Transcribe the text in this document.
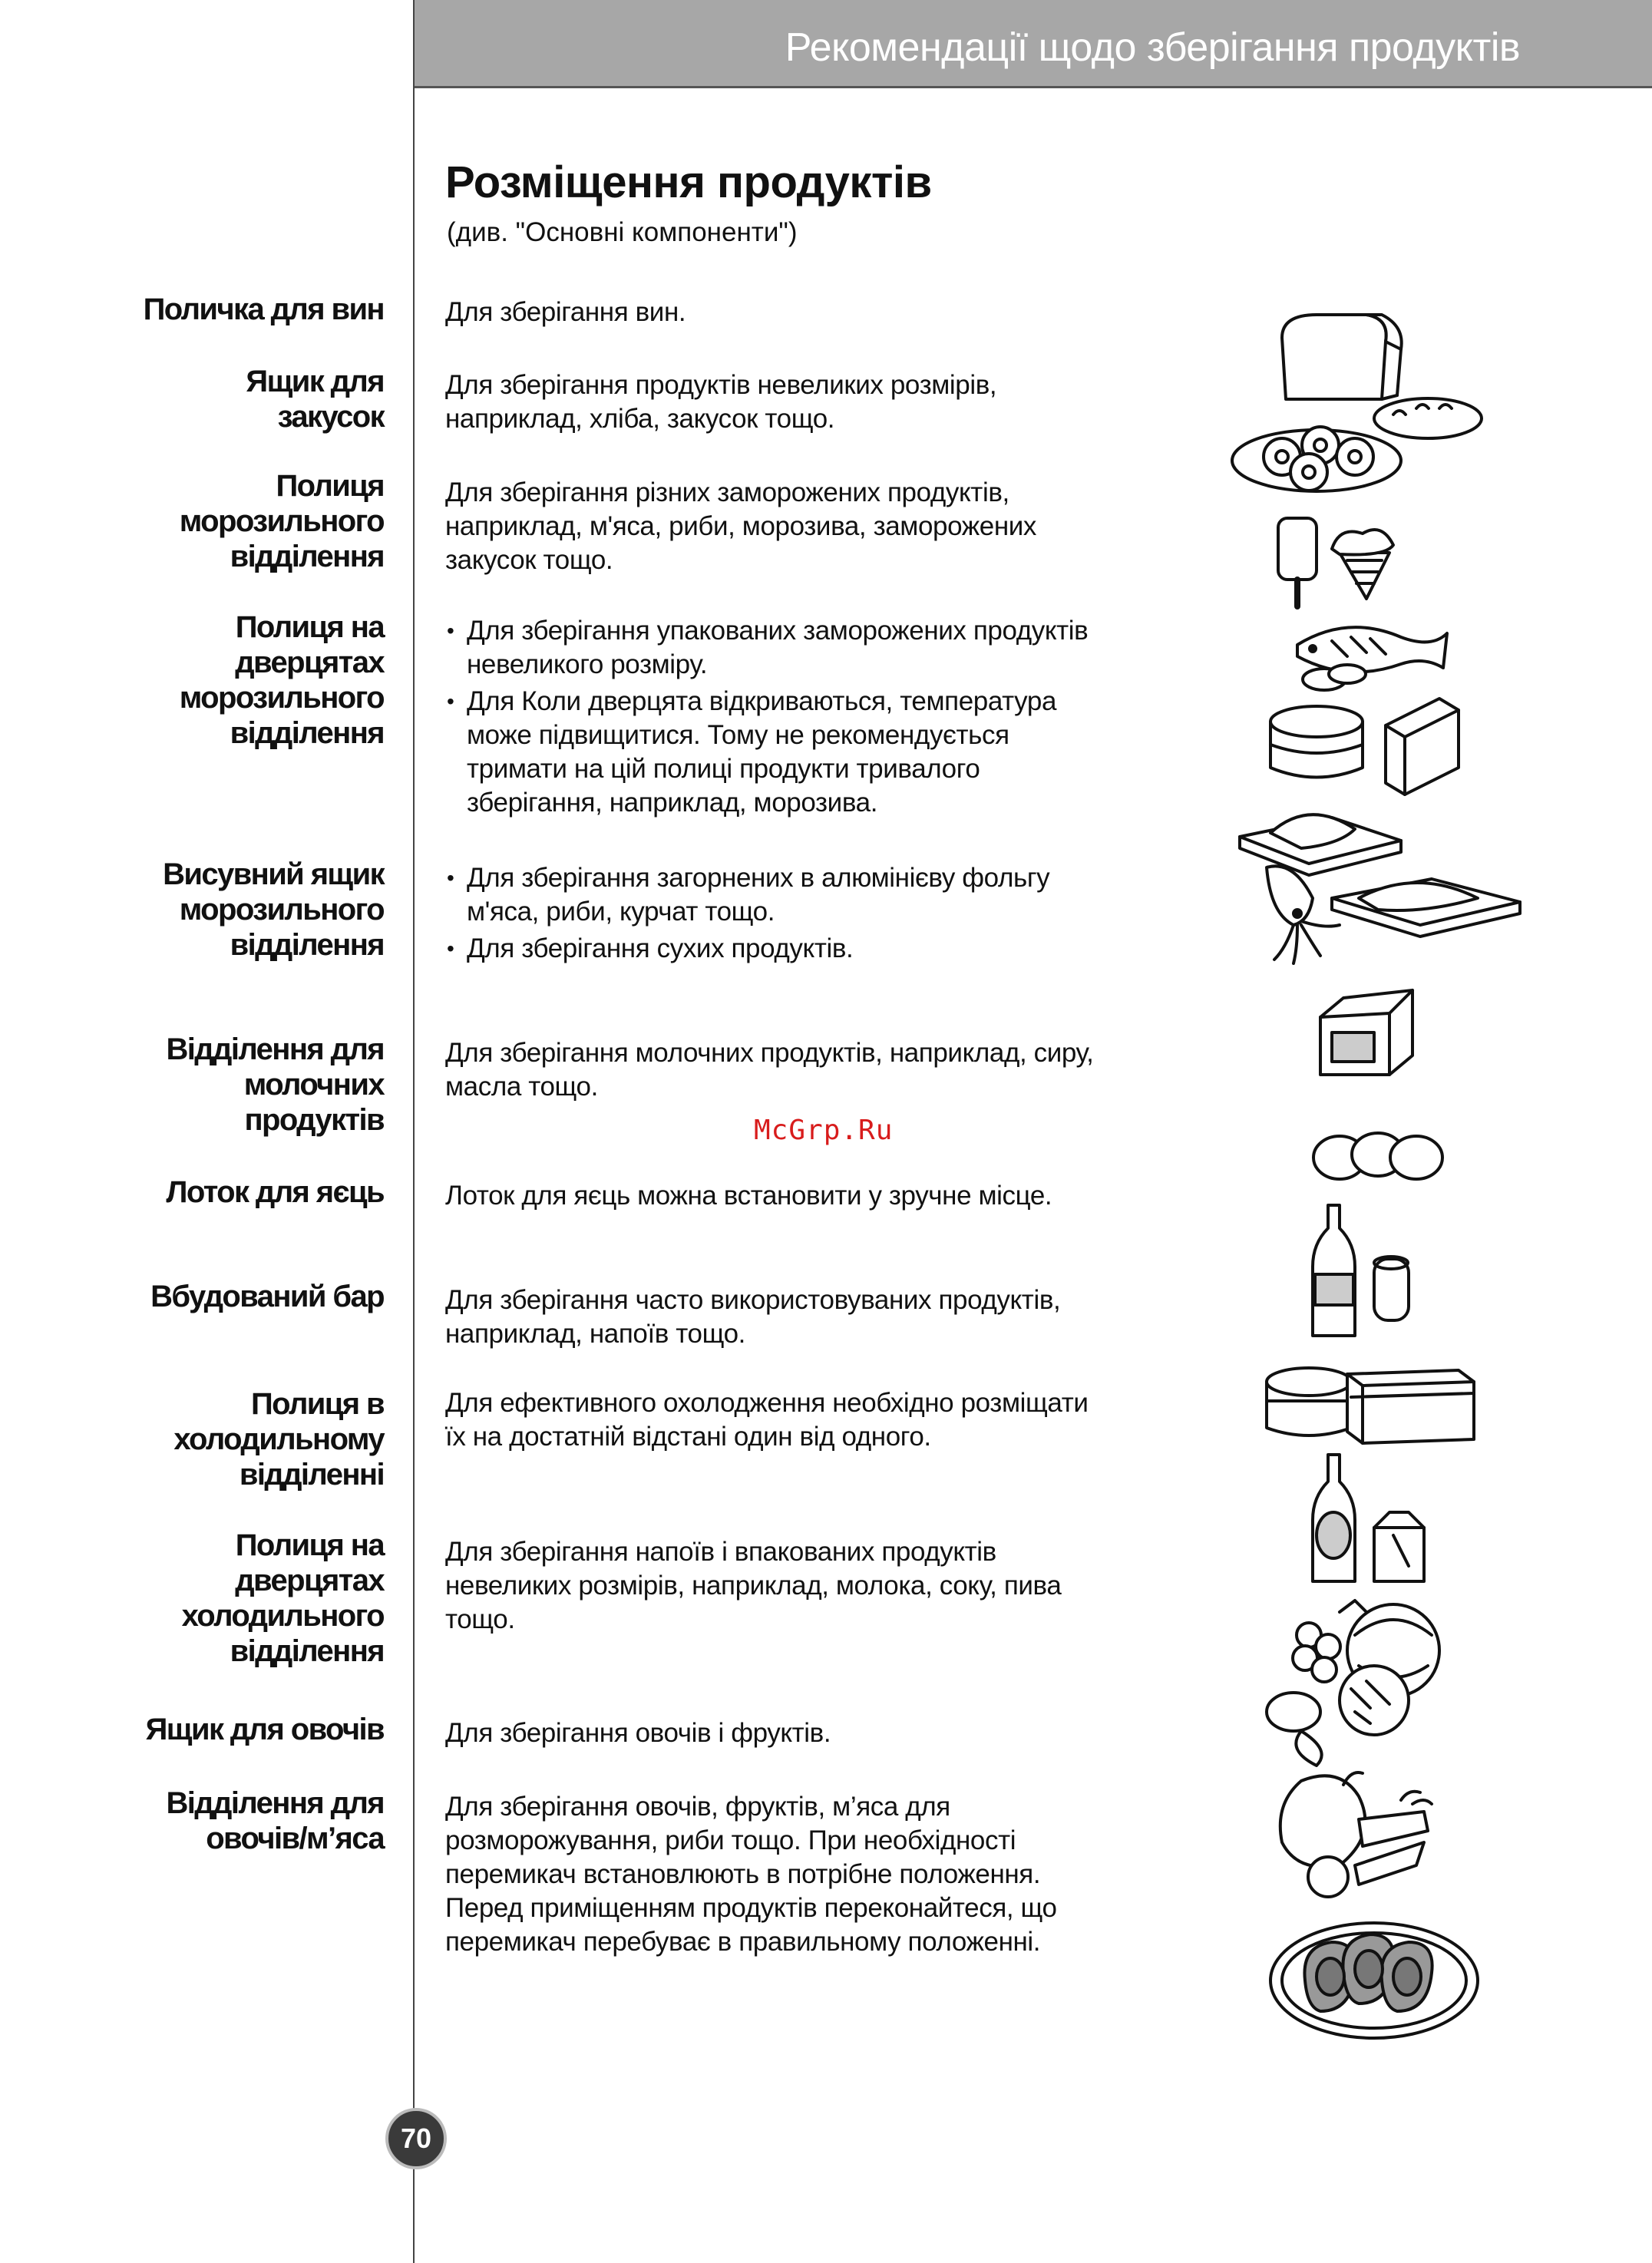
Рекомендації щодо зберігання продуктів
Розміщення продуктів
(див. "Основні компоненти")
Поличка для вин Для зберігання вин.
Ящик для
закусок
Для зберігання продуктів невеликих розмірів,
наприклад, хліба, закусок тощо.
Полиця
морозильного
відділення
Для зберігання різних заморожених продуктів,
наприклад, м'яса, риби, морозива, заморожених
закусок тощо.
Полиця на
дверцятах
морозильного
відділення
• Для зберігання упакованих заморожених продуктів
невеликого розміру.
• Для Коли дверцята відкриваються, температура
може підвищитися. Тому не рекомендується
тримати на цій полиці продукти тривалого
зберігання, наприклад, морозива.
Висувний ящик
морозильного
відділення
• Для зберігання загорнених в алюмінієву фольгу
м'яса, риби, курчат тощо.
• Для зберігання сухих продуктів.
Відділення для
молочних
продуктів
Для зберігання молочних продуктів, наприклад, сиру,
масла тощо.
McGrp.Ru
Лоток для яєць Лоток для яєць можна встановити у зручне місце.
Вбудований бар Для зберігання часто використовуваних продуктів,
наприклад, напоїв тощо.
Полиця в
холодильному
відділенні
Для ефективного охолодження необхідно розміщати
їх на достатній відстані один від одного.
Полиця на
дверцятах
холодильного
відділення
Для зберігання напоїв і впакованих продуктів
невеликих розмірів, наприклад, молока, соку, пива
тощо.
Ящик для овочів Для зберігання овочів і фруктів.
Відділення для
овочів/м’яса
Для зберігання овочів, фруктів, м’яса для
розморожування, риби тощо. При необхідності
перемикач встановлюють в потрібне положення.
Перед приміщенням продуктів переконайтеся, що
перемикач перебуває в правильному положенні.
70
